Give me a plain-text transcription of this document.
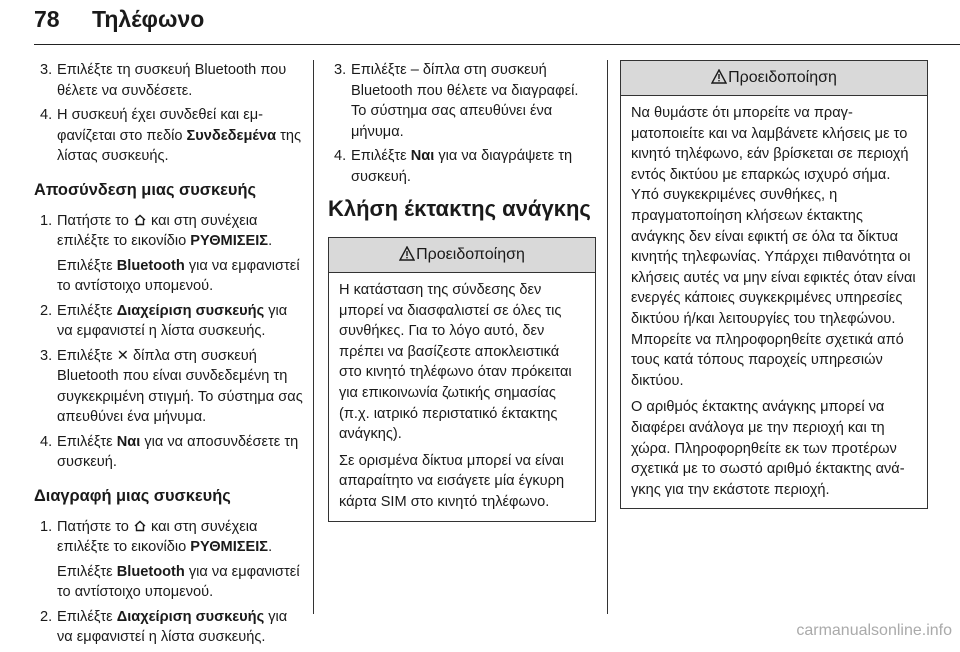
78 Τηλέφωνο
3. Επιλέξτε τη συσκευή Bluetooth που θέλετε να συνδέσετε.

4. Η συσκευή έχει συνδεθεί και εμφανίζεται στο πεδίο Συνδεδεμένα της λίστας συσκευής.

Αποσύνδεση μιας συσκευής
1. Πατήστε το  και στη συνέχεια επιλέξτε το εικονίδιο ΡΥΘΜΙΣΕΙΣ.

Επιλέξτε Bluetooth για να εμφανιστεί το αντίστοιχο υπομενού.

2. Επιλέξτε Διαχείριση συσκευής για να εμφανιστεί η λίστα συσκευής.

3. Επιλέξτε ✕ δίπλα στη συσκευή Bluetooth που είναι συνδεδεμένη τη συγκεκριμένη στιγμή. Το σύστημα σας απευθύνει ένα μήνυμα.

4. Επιλέξτε Ναι για να αποσυνδέσετε τη συσκευή.

Διαγραφή μιας συσκευής
1. Πατήστε το  και στη συνέχεια επιλέξτε το εικονίδιο ΡΥΘΜΙΣΕΙΣ.

Επιλέξτε Bluetooth για να εμφανιστεί το αντίστοιχο υπομενού.

2. Επιλέξτε Διαχείριση συσκευής για να εμφανιστεί η λίστα συσκευής.

3. Επιλέξτε – δίπλα στη συσκευή Bluetooth που θέλετε να διαγραφεί. Το σύστημα σας απευθύνει ένα μήνυμα.

4. Επιλέξτε Ναι για να διαγράψετε τη συσκευή.

Κλήση έκτακτης ανάγκης
Προειδοποίηση

Η κατάσταση της σύνδεσης δεν μπορεί να διασφαλιστεί σε όλες τις συνθήκες. Για το λόγο αυτό, δεν πρέπει να βασίζεστε αποκλειστικά στο κινητό τηλέφωνο όταν πρόκειται για επικοινωνία ζωτικής σημασίας (π.χ. ιατρικό περιστατικό έκτακτης ανάγκης).

Σε ορισμένα δίκτυα μπορεί να είναι απαραίτητο να εισάγετε μία έγκυρη κάρτα SIM στο κινητό τηλέφωνο.

Προειδοποίηση

Να θυμάστε ότι μπορείτε να πραγματοποιείτε και να λαμβάνετε κλήσεις με το κινητό τηλέφωνο, εάν βρίσκεται σε περιοχή εντός δικτύου με επαρκώς ισχυρό σήμα. Υπό συγκεκριμένες συνθήκες, η πραγματοποίηση κλήσεων έκτακτης ανάγκης δεν είναι εφικτή σε όλα τα δίκτυα κινητής τηλεφωνίας. Υπάρχει πιθανότητα οι κλήσεις αυτές να μην είναι εφικτές όταν είναι ενεργές κάποιες συγκεκριμένες υπηρεσίες δικτύου ή/και λειτουργίες του τηλεφώνου. Μπορείτε να πληροφορηθείτε σχετικά από τους κατά τόπους παροχείς υπηρεσιών δικτύου.

Ο αριθμός έκτακτης ανάγκης μπορεί να διαφέρει ανάλογα με την περιοχή και τη χώρα. Πληροφορηθείτε εκ των προτέρων σχετικά με το σωστό αριθμό έκτακτης ανάγκης για την εκάστοτε περιοχή.

carmanualsonline.info
